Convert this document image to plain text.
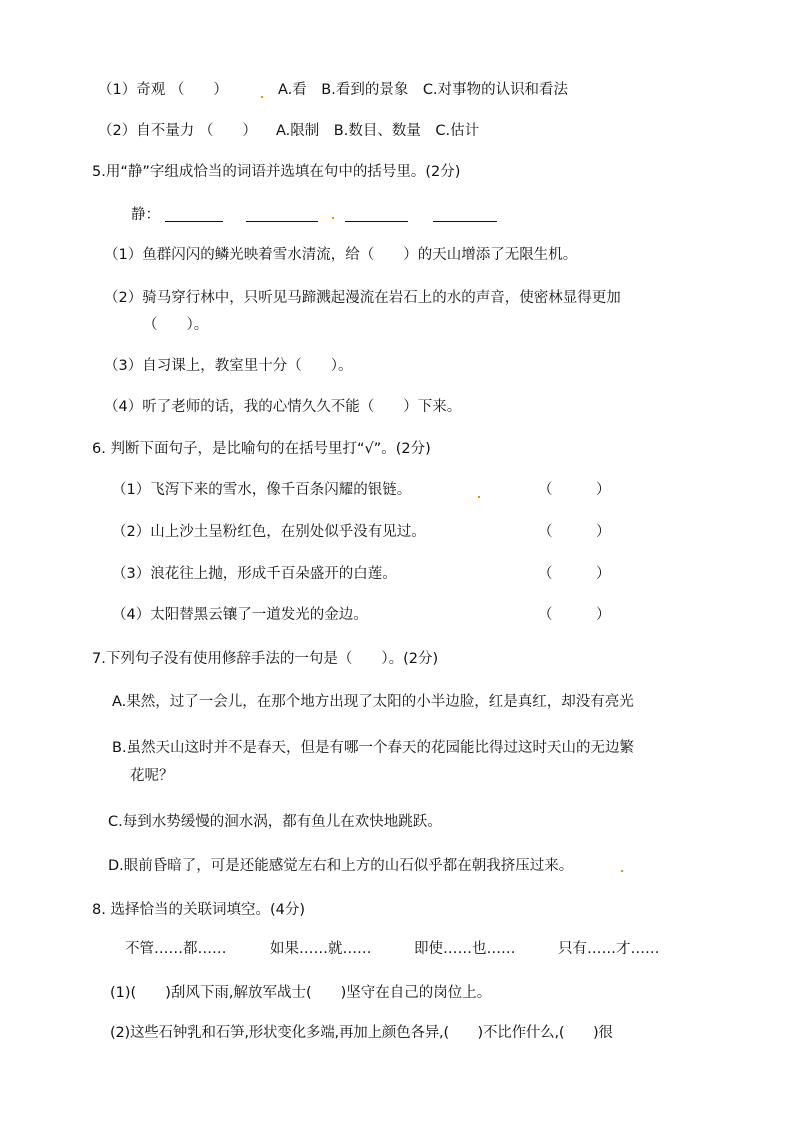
（1）奇观 （　　）	A.看　B.看到的景象　C.对事物的认识和看法
（2）自不量力 （　　） A.限制　B.数目、数量　C.估计
5.用“静”字组成恰当的词语并选填在句中的括号里。(2分)
静：
（1）鱼群闪闪的鳞光映着雪水清流，给（　　）的天山增添了无限生机。
（2）骑马穿行林中，只听见马蹄溅起漫流在岩石上的水的声音，使密林显得更加
（　　）。
（3）自习课上，教室里十分（　　）。
（4）听了老师的话，我的心情久久不能（　　）下来。
6. 判断下面句子，是比喻句的在括号里打“√”。(2分)
（1）飞泻下来的雪水，像千百条闪耀的银链。	（　　　）
（2）山上沙土呈粉红色，在别处似乎没有见过。	（　　　）
（3）浪花往上抛，形成千百朵盛开的白莲。	（　　　）
（4）太阳替黑云镶了一道发光的金边。	（　　　）
7.下列句子没有使用修辞手法的一句是（　　）。(2分)
A.果然，过了一会儿，在那个地方出现了太阳的小半边脸，红是真红，却没有亮光
B.虽然天山这时并不是春天，但是有哪一个春天的花园能比得过这时天山的无边繁
花呢？
C.每到水势缓慢的洄水涡，都有鱼儿在欢快地跳跃。
D.眼前昏暗了，可是还能感觉左右和上方的山石似乎都在朝我挤压过来。
8. 选择恰当的关联词填空。(4分)
不管……都……	如果……就……	即使……也……	只有……才……
(1)(　　)刮风下雨,解放军战士(　　)坚守在自己的岗位上。
(2)这些石钟乳和石笋,形状变化多端,再加上颜色各异,(　　)不比作什么,(　　)很
